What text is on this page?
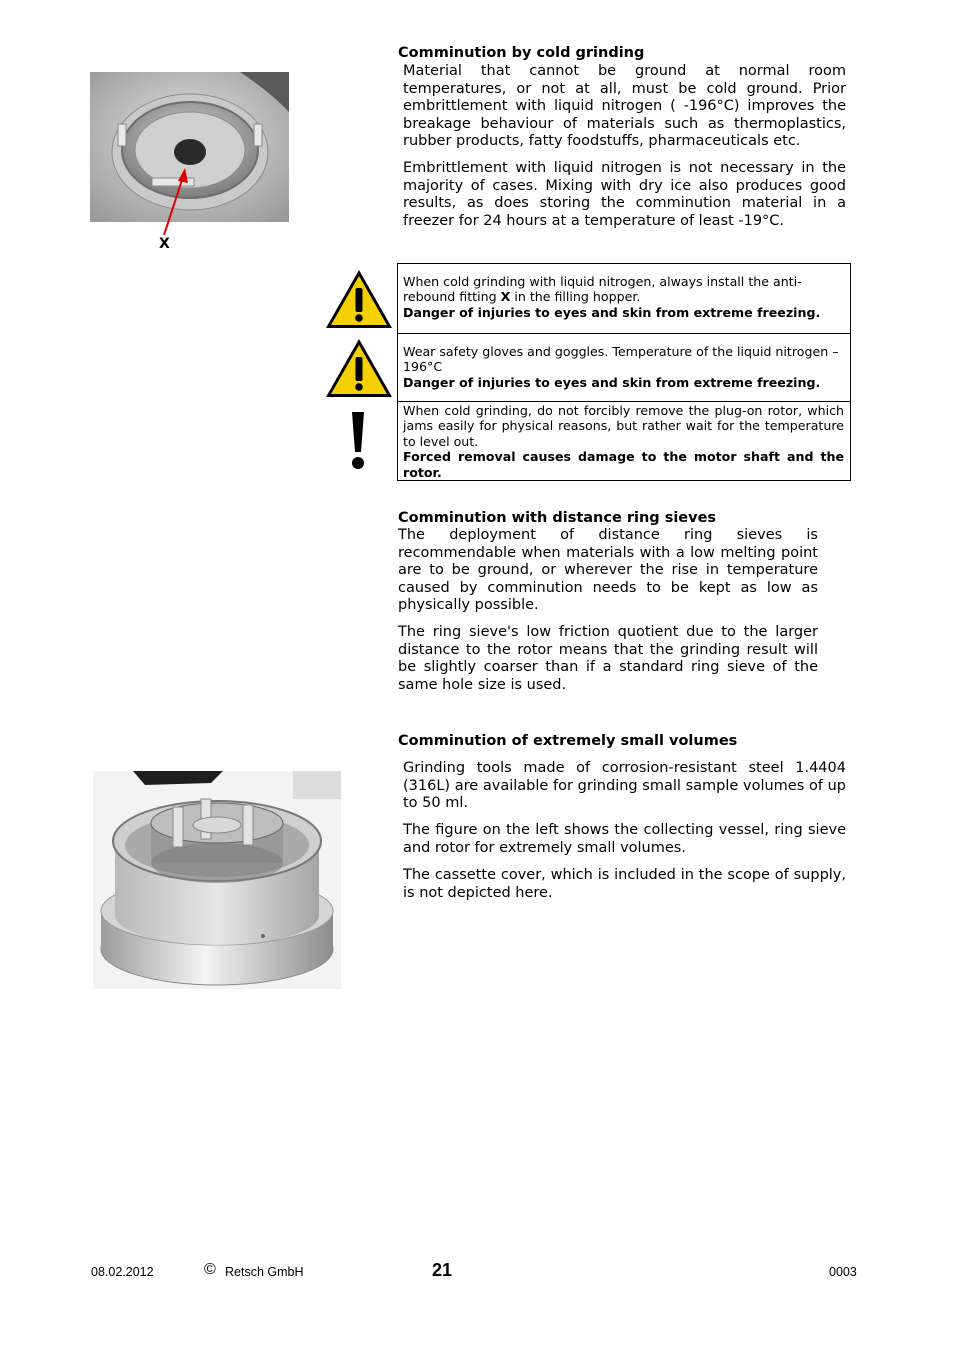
X
Comminution by cold grinding

Material that cannot be ground at normal room temperatures, or not at all, must be cold ground. Prior embrittlement with liquid nitrogen ( -196°C) improves the breakage behaviour of materials such as thermoplastics, rubber products, fatty foodstuffs, pharmaceuticals etc.

Embrittlement with liquid nitrogen is not necessary in the majority of cases. Mixing with dry ice also produces good results, as does storing the comminution material in a freezer for 24 hours at a temperature of least -19°C.

When cold grinding with liquid nitrogen, always install the anti-rebound fitting X in the filling hopper.
Danger of injuries to eyes and skin from extreme freezing.
Wear safety gloves and goggles. Temperature of the liquid nitrogen –196°C
Danger of injuries to eyes and skin from extreme freezing.
When cold grinding, do not forcibly remove the plug-on rotor, which jams easily for physical reasons, but rather wait for the temperature to level out.
Forced removal causes damage to the motor shaft and the rotor.
Comminution with distance ring sieves

The deployment of distance ring sieves is recommendable when materials with a low melting point are to be ground, or wherever the rise in temperature caused by comminution needs to be kept as low as physically possible.

The ring sieve's low friction quotient due to the larger distance to the rotor means that the grinding result will be slightly coarser than if a standard ring sieve of the same hole size is used.

Comminution of extremely small volumes

Grinding tools made of corrosion-resistant steel 1.4404 (316L) are available for grinding small sample volumes of up to 50 ml.

The figure on the left shows the collecting vessel, ring sieve and rotor for extremely small volumes.

The cassette cover, which is included in the scope of supply, is not depicted here.

08.02.2012	© Retsch GmbH	21	0003
